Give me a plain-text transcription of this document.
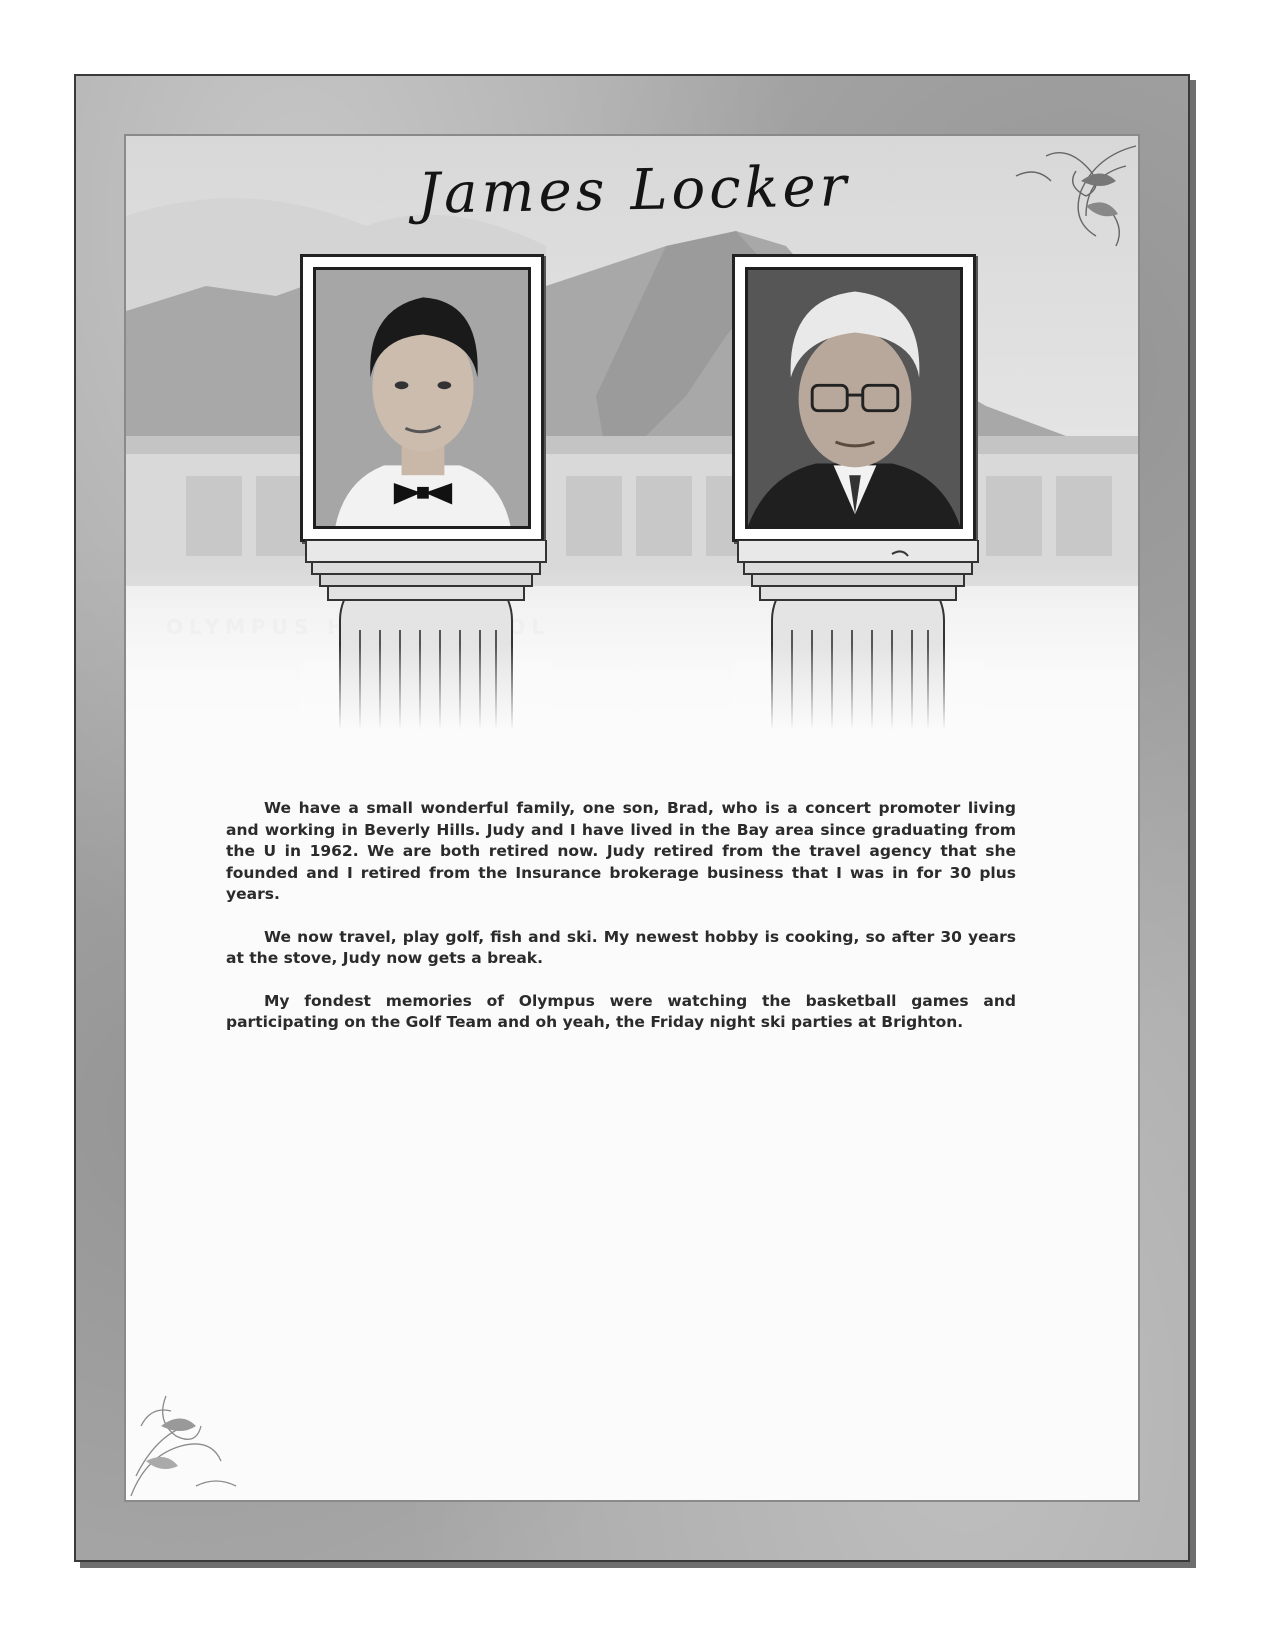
James Locker

We have a small wonderful family, one son, Brad, who is a concert promoter living and working in Beverly Hills. Judy and I have lived in the Bay area since graduating from the U in 1962. We are both retired now. Judy retired from the travel agency that she founded and I retired from the Insurance brokerage business that I was in for 30 plus years.

We now travel, play golf, fish and ski. My newest hobby is cooking, so after 30 years at the stove, Judy now gets a break.

My fondest memories of Olympus were watching the basketball games and participating on the Golf Team and oh yeah, the Friday night ski parties at Brighton.
